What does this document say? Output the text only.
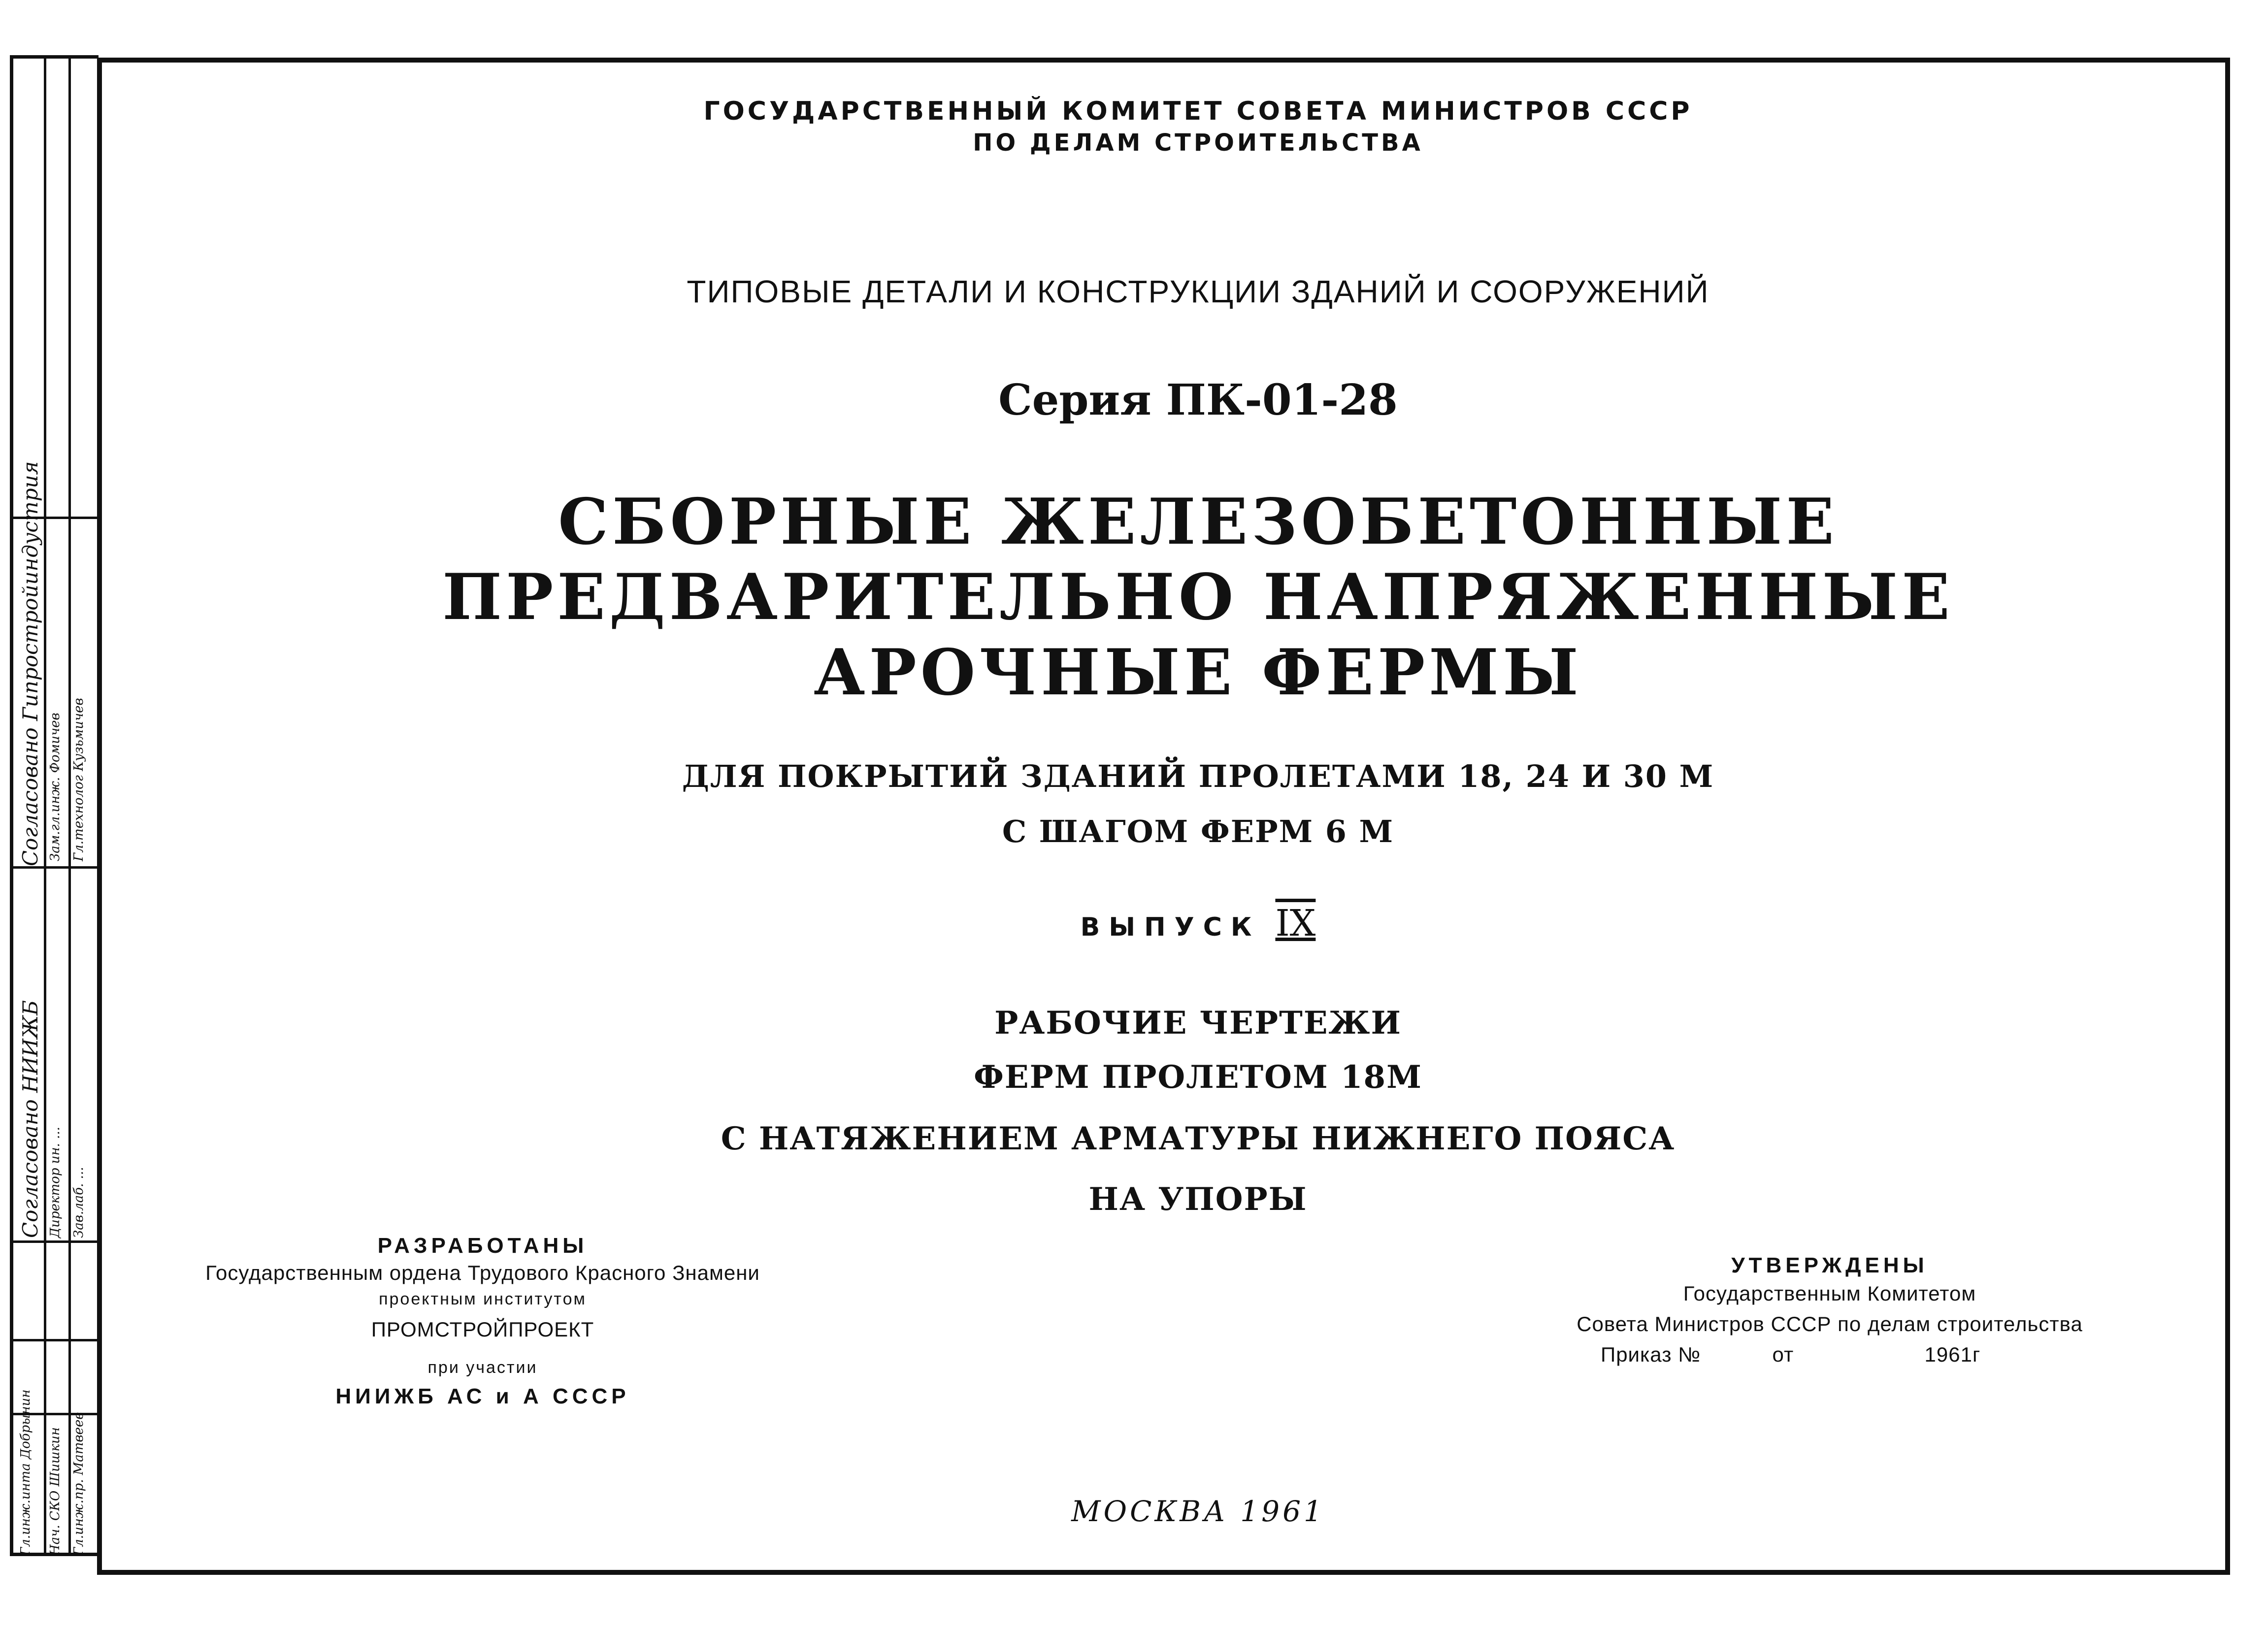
Согласовано Гипростройиндустрия Зам.гл.инж. Фомичев Гл.технолог Кузьмичев
Согласовано НИИЖБ Директор ин. ... Зав.лаб. ...
Гл.инж.инта Добрынин Нач. СКО Шишкин Гл.инж.пр. Матвеев
ГОСУДАРСТВЕННЫЙ КОМИТЕТ СОВЕТА МИНИСТРОВ СССР
ПО ДЕЛАМ СТРОИТЕЛЬСТВА
ТИПОВЫЕ ДЕТАЛИ И КОНСТРУКЦИИ ЗДАНИЙ И СООРУЖЕНИЙ
Серия ПК-01-28
СБОРНЫЕ ЖЕЛЕЗОБЕТОННЫЕ
ПРЕДВАРИТЕЛЬНО НАПРЯЖЕННЫЕ
АРОЧНЫЕ ФЕРМЫ
ДЛЯ ПОКРЫТИЙ ЗДАНИЙ ПРОЛЕТАМИ 18, 24 И 30 М
С ШАГОМ ФЕРМ 6 М
ВЫПУСК IX
РАБОЧИЕ ЧЕРТЕЖИ
ФЕРМ ПРОЛЕТОМ 18М
С НАТЯЖЕНИЕМ АРМАТУРЫ НИЖНЕГО ПОЯСА
НА УПОРЫ
РАЗРАБОТАНЫ
Государственным ордена Трудового Красного Знамени
проектным институтом
ПРОМСТРОЙПРОЕКТ
при участии
НИИЖБ АС и А СССР
УТВЕРЖДЕНЫ
Государственным Комитетом
Совета Министров СССР по делам строительства
Приказ №	от	1961г
МОСКВА 1961
